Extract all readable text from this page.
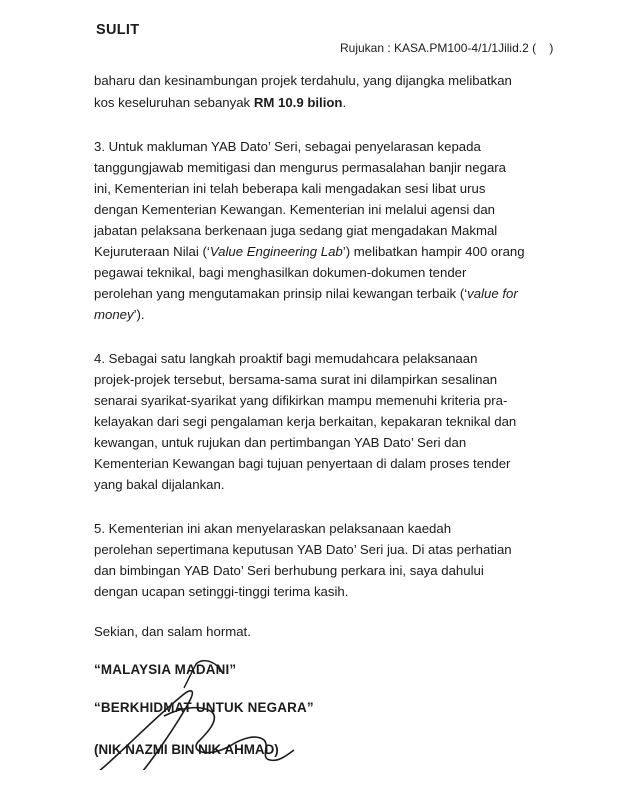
SULIT
Rujukan : KASA.PM100-4/1/1Jilid.2 (    )
baharu dan kesinambungan projek terdahulu, yang dijangka melibatkan
kos keseluruhan sebanyak RM 10.9 bilion.
3. Untuk makluman YAB Dato’ Seri, sebagai penyelarasan kepada
tanggungjawab memitigasi dan mengurus permasalahan banjir negara
ini, Kementerian ini telah beberapa kali mengadakan sesi libat urus
dengan Kementerian Kewangan. Kementerian ini melalui agensi dan
jabatan pelaksana berkenaan juga sedang giat mengadakan Makmal
Kejuruteraan Nilai (‘Value Engineering Lab’) melibatkan hampir 400 orang
pegawai teknikal, bagi menghasilkan dokumen-dokumen tender
perolehan yang mengutamakan prinsip nilai kewangan terbaik (‘value for
money’).
4. Sebagai satu langkah proaktif bagi memudahcara pelaksanaan
projek-projek tersebut, bersama-sama surat ini dilampirkan sesalinan
senarai syarikat-syarikat yang difikirkan mampu memenuhi kriteria pra-
kelayakan dari segi pengalaman kerja berkaitan, kepakaran teknikal dan
kewangan, untuk rujukan dan pertimbangan YAB Dato’ Seri dan
Kementerian Kewangan bagi tujuan penyertaan di dalam proses tender
yang bakal dijalankan.
5. Kementerian ini akan menyelaraskan pelaksanaan kaedah
perolehan sepertimana keputusan YAB Dato’ Seri jua. Di atas perhatian
dan bimbingan YAB Dato’ Seri berhubung perkara ini, saya dahului
dengan ucapan setinggi-tinggi terima kasih.
Sekian, dan salam hormat.
“MALAYSIA MADANI”
“BERKHIDMAT UNTUK NEGARA”
(NIK NAZMI BIN NIK AHMAD)
